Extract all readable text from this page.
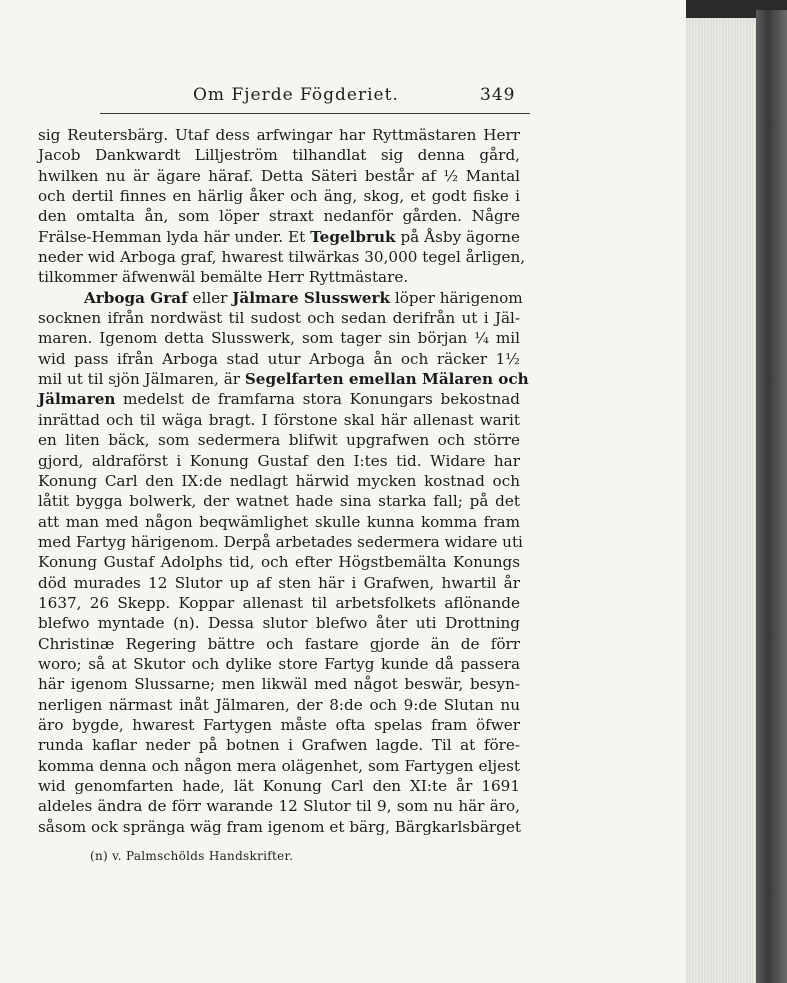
Om Fjerde Fögderiet.	349
sig Reutersbärg. Utaf dess arfwingar har Ryttmästaren Herr
Jacob Dankwardt Lilljeström tilhandlat sig denna gård,
hwilken nu är ägare häraf. Detta Säteri består af ½ Mantal
och dertil finnes en härlig åker och äng, skog, et godt fiske i
den omtalta ån, som löper straxt nedanför gården. Någre
Frälse-Hemman lyda här under. Et Tegelbruk på Åsby ägorne
neder wid Arboga graf, hwarest tilwärkas 30,000 tegel årligen,
tilkommer äfwenwäl bemälte Herr Ryttmästare.
Arboga Graf eller Jälmare Slusswerk löper härigenom
socknen ifrån nordwäst til sudost och sedan derifrån ut i Jäl-
maren. Igenom detta Slusswerk, som tager sin början ¼ mil
wid pass ifrån Arboga stad utur Arboga ån och räcker 1½
mil ut til sjön Jälmaren, är Segelfarten emellan Mälaren och
Jälmaren medelst de framfarna stora Konungars bekostnad
inrättad och til wäga bragt. I förstone skal här allenast warit
en liten bäck, som sedermera blifwit upgrafwen och större
gjord, aldraförst i Konung Gustaf den I:tes tid. Widare har
Konung Carl den IX:de nedlagt härwid mycken kostnad och
låtit bygga bolwerk, der watnet hade sina starka fall; på det
att man med någon beqwämlighet skulle kunna komma fram
med Fartyg härigenom. Derpå arbetades sedermera widare uti
Konung Gustaf Adolphs tid, och efter Högstbemälta Konungs
död murades 12 Slutor up af sten här i Grafwen, hwartil år
1637, 26 Skepp. Koppar allenast til arbetsfolkets aflönande
blefwo myntade (n). Dessa slutor blefwo åter uti Drottning
Christinæ Regering bättre och fastare gjorde än de förr
woro; så at Skutor och dylike store Fartyg kunde då passera
här igenom Slussarne; men likwäl med något beswär, besyn-
nerligen närmast inåt Jälmaren, der 8:de och 9:de Slutan nu
äro bygde, hwarest Fartygen måste ofta spelas fram öfwer
runda kaflar neder på botnen i Grafwen lagde. Til at före-
komma denna och någon mera olägenhet, som Fartygen eljest
wid genomfarten hade, lät Konung Carl den XI:te år 1691
aldeles ändra de förr warande 12 Slutor til 9, som nu här äro,
såsom ock spränga wäg fram igenom et bärg, Bärgkarlsbärget
(n) v. Palmschölds Handskrifter.
